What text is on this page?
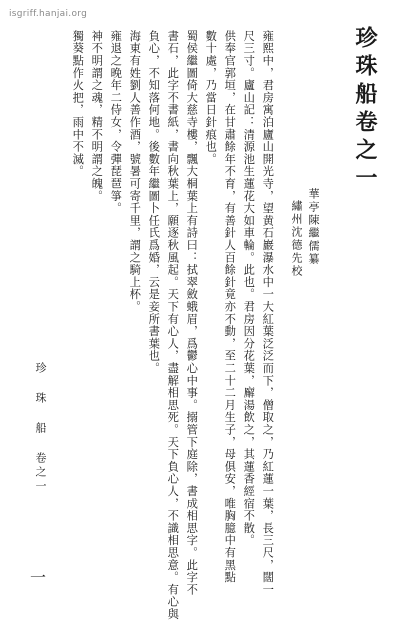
isgriff.hanjai.org
珍珠船卷之一
華亭陳繼儒纂
繡州沈德先校
雍熙中，君房寓泊廬山開光寺，望黄石巖瀑水中一大紅葉泛泛而下，僧取之，乃紅蓮一葉，長三尺，闊一
尺三寸。廬山記：清源池生蓮花大如車輪。此也。君房因分花葉，廨湯飲之，其蓮香經宿不散。
供奉官郭垣，在甘肅餘年不育，有善針人百餘針竟亦不動，至二十二月生子，母俱安，唯胸臆中有黑點
數十處，乃當日針痕也。
蜀侯繼圖倚大慈寺樓，飄大桐葉上有詩曰：拭翠斂蛾眉，爲鬱心中事。搦管下庭除，書成相思字。此字不
書石，此字不書紙，書向秋葉上，願逐秋風起。天下有心人，盡解相思死。天下負心人，不識相思意。有心與
負心，不知落何地。後數年繼圖卜任氏爲婚，云是妾所書葉也。
海東有姓劉人善作酒，號暑可寄千里，謂之騎上杯。
雍退之晚年二侍女，令彈琵琶箏。
神不明謂之魂，精不明謂之魄。
獨葵點作火把，雨中不滅。
珍 珠 船 卷之一
一
